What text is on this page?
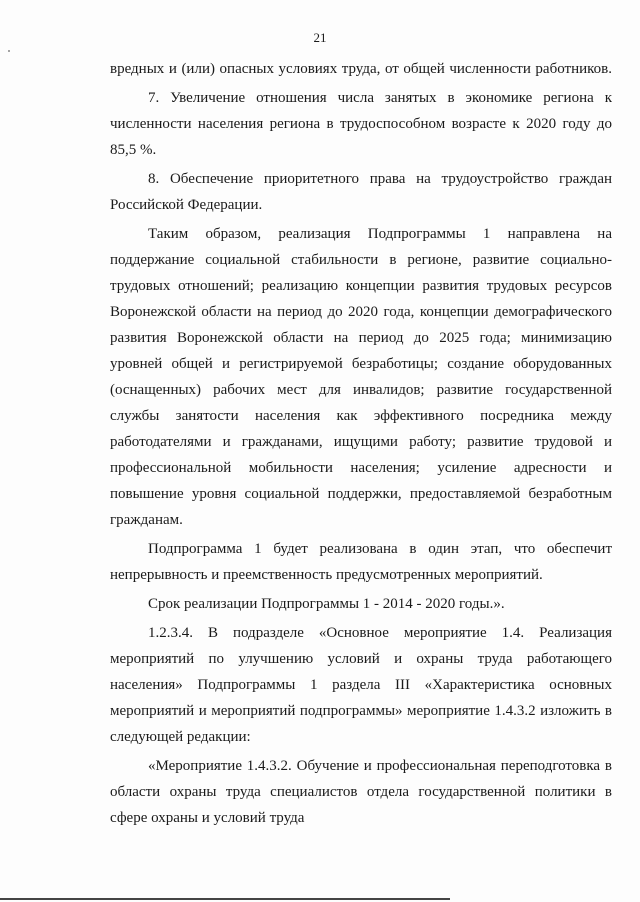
21
вредных и (или) опасных условиях труда, от общей численности работников.
7. Увеличение отношения числа занятых в экономике региона к
численности населения региона в трудоспособном возрасте к 2020 году до
85,5 %.
8. Обеспечение приоритетного права на трудоустройство граждан
Российской Федерации.
Таким образом, реализация Подпрограммы 1 направлена на
поддержание социальной стабильности в регионе, развитие социально-
трудовых отношений; реализацию концепции развития трудовых ресурсов
Воронежской области на период до 2020 года, концепции демографического
развития Воронежской области на период до 2025 года; минимизацию
уровней общей и регистрируемой безработицы; создание оборудованных
(оснащенных) рабочих мест для инвалидов; развитие государственной
службы занятости населения как эффективного посредника между
работодателями и гражданами, ищущими работу; развитие трудовой и
профессиональной мобильности населения; усиление адресности и
повышение уровня социальной поддержки, предоставляемой безработным
гражданам.
Подпрограмма 1 будет реализована в один этап, что обеспечит
непрерывность и преемственность предусмотренных мероприятий.
Срок реализации Подпрограммы 1 - 2014 - 2020 годы.».
1.2.3.4. В подразделе «Основное мероприятие 1.4. Реализация
мероприятий по улучшению условий и охраны труда работающего
населения» Подпрограммы 1 раздела III «Характеристика основных
мероприятий и мероприятий подпрограммы» мероприятие 1.4.3.2 изложить в
следующей редакции:
«Мероприятие 1.4.3.2. Обучение и профессиональная переподготовка в
области охраны труда специалистов отдела государственной политики в
сфере охраны и условий труда
